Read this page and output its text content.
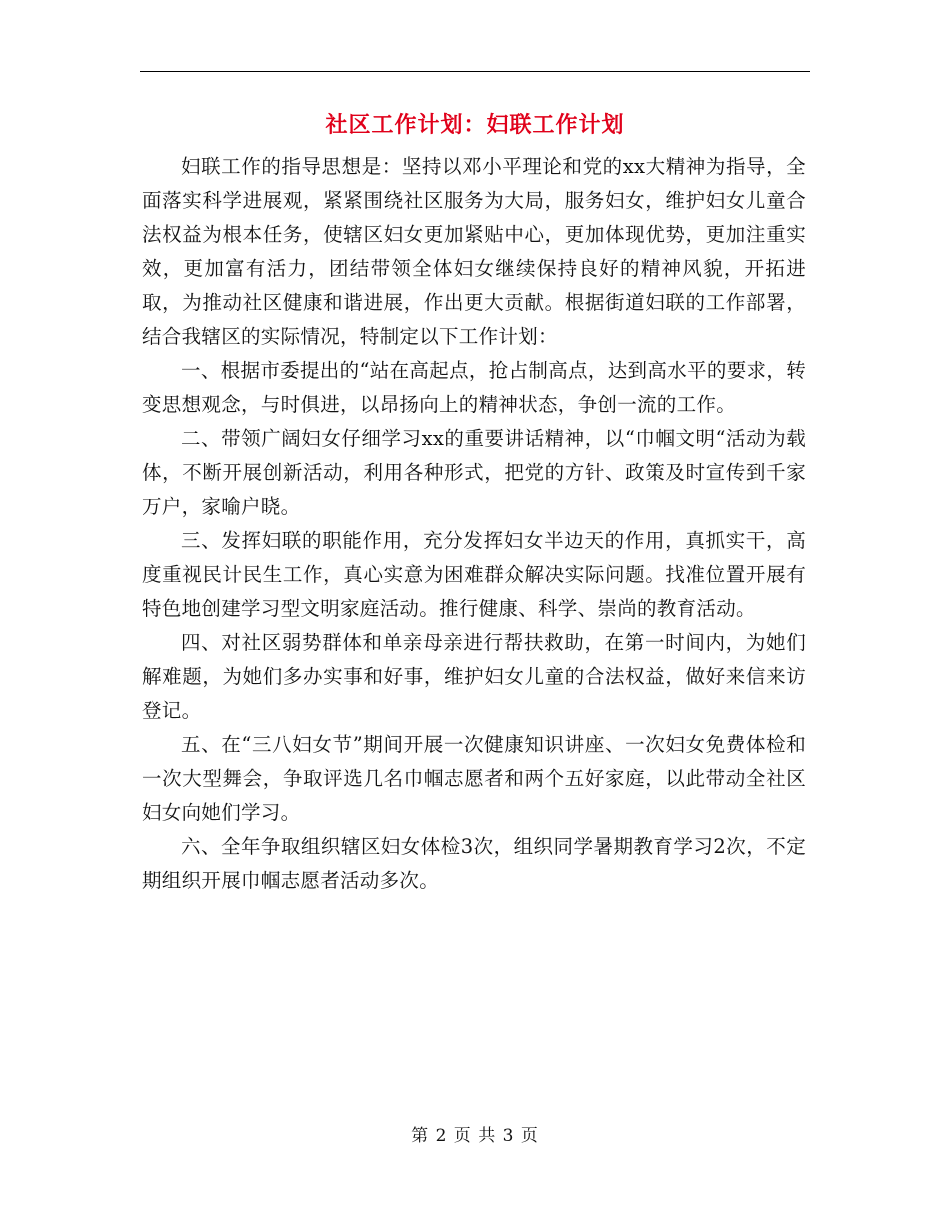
社区工作计划：妇联工作计划

妇联工作的指导思想是：坚持以邓小平理论和党的xx大精神为指导，全面落实科学进展观，紧紧围绕社区服务为大局，服务妇女，维护妇女儿童合法权益为根本任务，使辖区妇女更加紧贴中心，更加体现优势，更加注重实效，更加富有活力，团结带领全体妇女继续保持良好的精神风貌，开拓进取，为推动社区健康和谐进展，作出更大贡献。根据街道妇联的工作部署，结合我辖区的实际情况，特制定以下工作计划：

一、根据市委提出的“站在高起点，抢占制高点，达到高水平的要求，转变思想观念，与时俱进，以昂扬向上的精神状态，争创一流的工作。

二、带领广阔妇女仔细学习xx的重要讲话精神，以“巾帼文明“活动为载体，不断开展创新活动，利用各种形式，把党的方针、政策及时宣传到千家万户，家喻户晓。

三、发挥妇联的职能作用，充分发挥妇女半边天的作用，真抓实干，高度重视民计民生工作，真心实意为困难群众解决实际问题。找准位置开展有特色地创建学习型文明家庭活动。推行健康、科学、崇尚的教育活动。

四、对社区弱势群体和单亲母亲进行帮扶救助，在第一时间内，为她们解难题，为她们多办实事和好事，维护妇女儿童的合法权益，做好来信来访登记。

五、在“三八妇女节”期间开展一次健康知识讲座、一次妇女免费体检和一次大型舞会，争取评选几名巾帼志愿者和两个五好家庭，以此带动全社区妇女向她们学习。

六、全年争取组织辖区妇女体检3次，组织同学暑期教育学习2次，不定期组织开展巾帼志愿者活动多次。

第 2 页 共 3 页
